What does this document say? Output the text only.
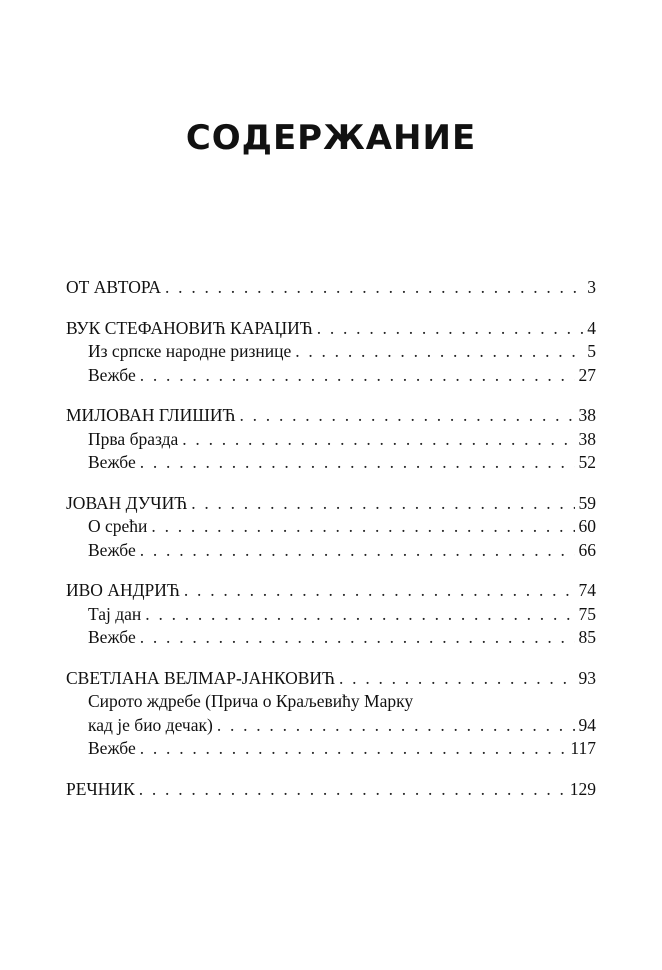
СОДЕРЖАНИЕ
ОТ АВТОРА . . .	3
ВУК СТЕФАНОВИЋ КАРАЏИЋ . . .	4
Из српске народне ризнице . . .	5
Вежбе . . .	27
МИЛОВАН ГЛИШИЋ . . .	38
Прва бразда . . .	38
Вежбе . . .	52
ЈОВАН ДУЧИЋ . . .	59
О срећи . . .	60
Вежбе . . .	66
ИВО АНДРИЋ . . .	74
Тај дан . . .	75
Вежбе . . .	85
СВЕТЛАНА ВЕЛМАР-ЈАНКОВИЋ . . .	93
Сирото ждребе (Прича о Краљевићу Марку
кад је био дечак) . . .	94
Вежбе . . .	117
РЕЧНИК . . .	129
